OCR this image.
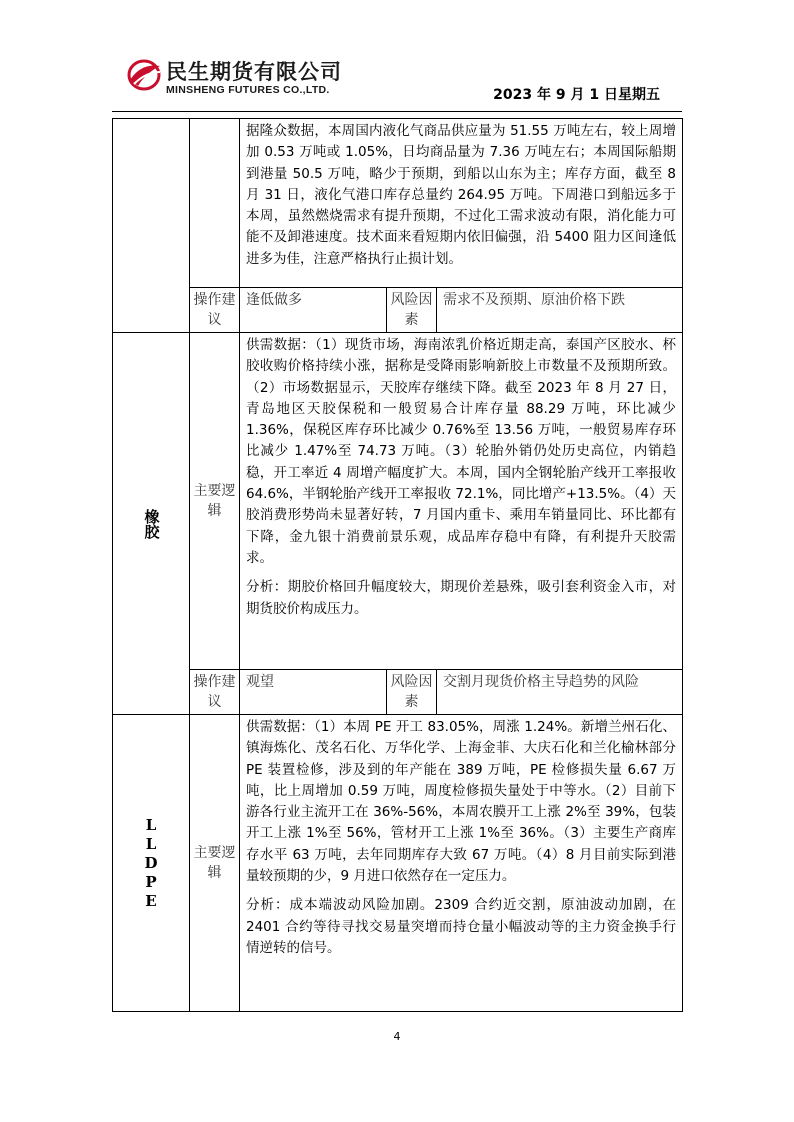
民生期货有限公司
MINSHENG FUTURES CO.,LTD.	2023 年 9 月 1 日星期五
		据隆众数据，本周国内液化气商品供应量为 51.55 万吨左右，较上周增加 0.53 万吨或 1.05%，日均商品量为 7.36 万吨左右；本周国际船期到港量 50.5 万吨，略少于预期，到船以山东为主；库存方面，截至 8 月 31 日，液化气港口库存总量约 264.95 万吨。下周港口到船远多于本周，虽然燃烧需求有提升预期，不过化工需求波动有限，消化能力可能不及卸港速度。技术面来看短期内依旧偏强，沿 5400 阻力区间逢低进多为佳，注意严格执行止损计划。		
	操作建议	逢低做多	风险因素	需求不及预期、原油价格下跌

橡胶	主要逻辑	供需数据：（1）现货市场，海南浓乳价格近期走高，泰国产区胶水、杯胶收购价格持续小涨，据称是受降雨影响新胶上市数量不及预期所致。（2）市场数据显示，天胶库存继续下降。截至 2023 年 8 月 27 日，青岛地区天胶保税和一般贸易合计库存量 88.29 万吨，环比减少 1.36%，保税区库存环比减少 0.76%至 13.56 万吨，一般贸易库存环比减少 1.47%至 74.73 万吨。（3）轮胎外销仍处历史高位，内销趋稳，开工率近 4 周增产幅度扩大。本周，国内全钢轮胎产线开工率报收 64.6%，半钢轮胎产线开工率报收 72.1%，同比增产+13.5%。（4）天胶消费形势尚未显著好转，7 月国内重卡、乘用车销量同比、环比都有下降，金九银十消费前景乐观，成品库存稳中有降，有利提升天胶需求。

分析：期胶价格回升幅度较大，期现价差悬殊，吸引套利资金入市，对期货胶价构成压力。		

	操作建议	观望	风险因素	交割月现货价格主导趋势的风险

LLDPE	主要逻辑	供需数据：（1）本周 PE 开工 83.05%，周涨 1.24%。新增兰州石化、镇海炼化、茂名石化、万华化学、上海金菲、大庆石化和兰化榆林部分 PE 装置检修，涉及到的年产能在 389 万吨，PE 检修损失量 6.67 万吨，比上周增加 0.59 万吨，周度检修损失量处于中等水。（2）目前下游各行业主流开工在 36%-56%，本周农膜开工上涨 2%至 39%，包装开工上涨 1%至 56%，管材开工上涨 1%至 36%。（3）主要生产商库存水平 63 万吨，去年同期库存大致 67 万吨。（4）8 月目前实际到港量较预期的少，9 月进口依然存在一定压力。

分析：成本端波动风险加剧。2309 合约近交割，原油波动加剧，在 2401 合约等待寻找交易量突增而持仓量小幅波动等的主力资金换手行情逆转的信号。		

4
